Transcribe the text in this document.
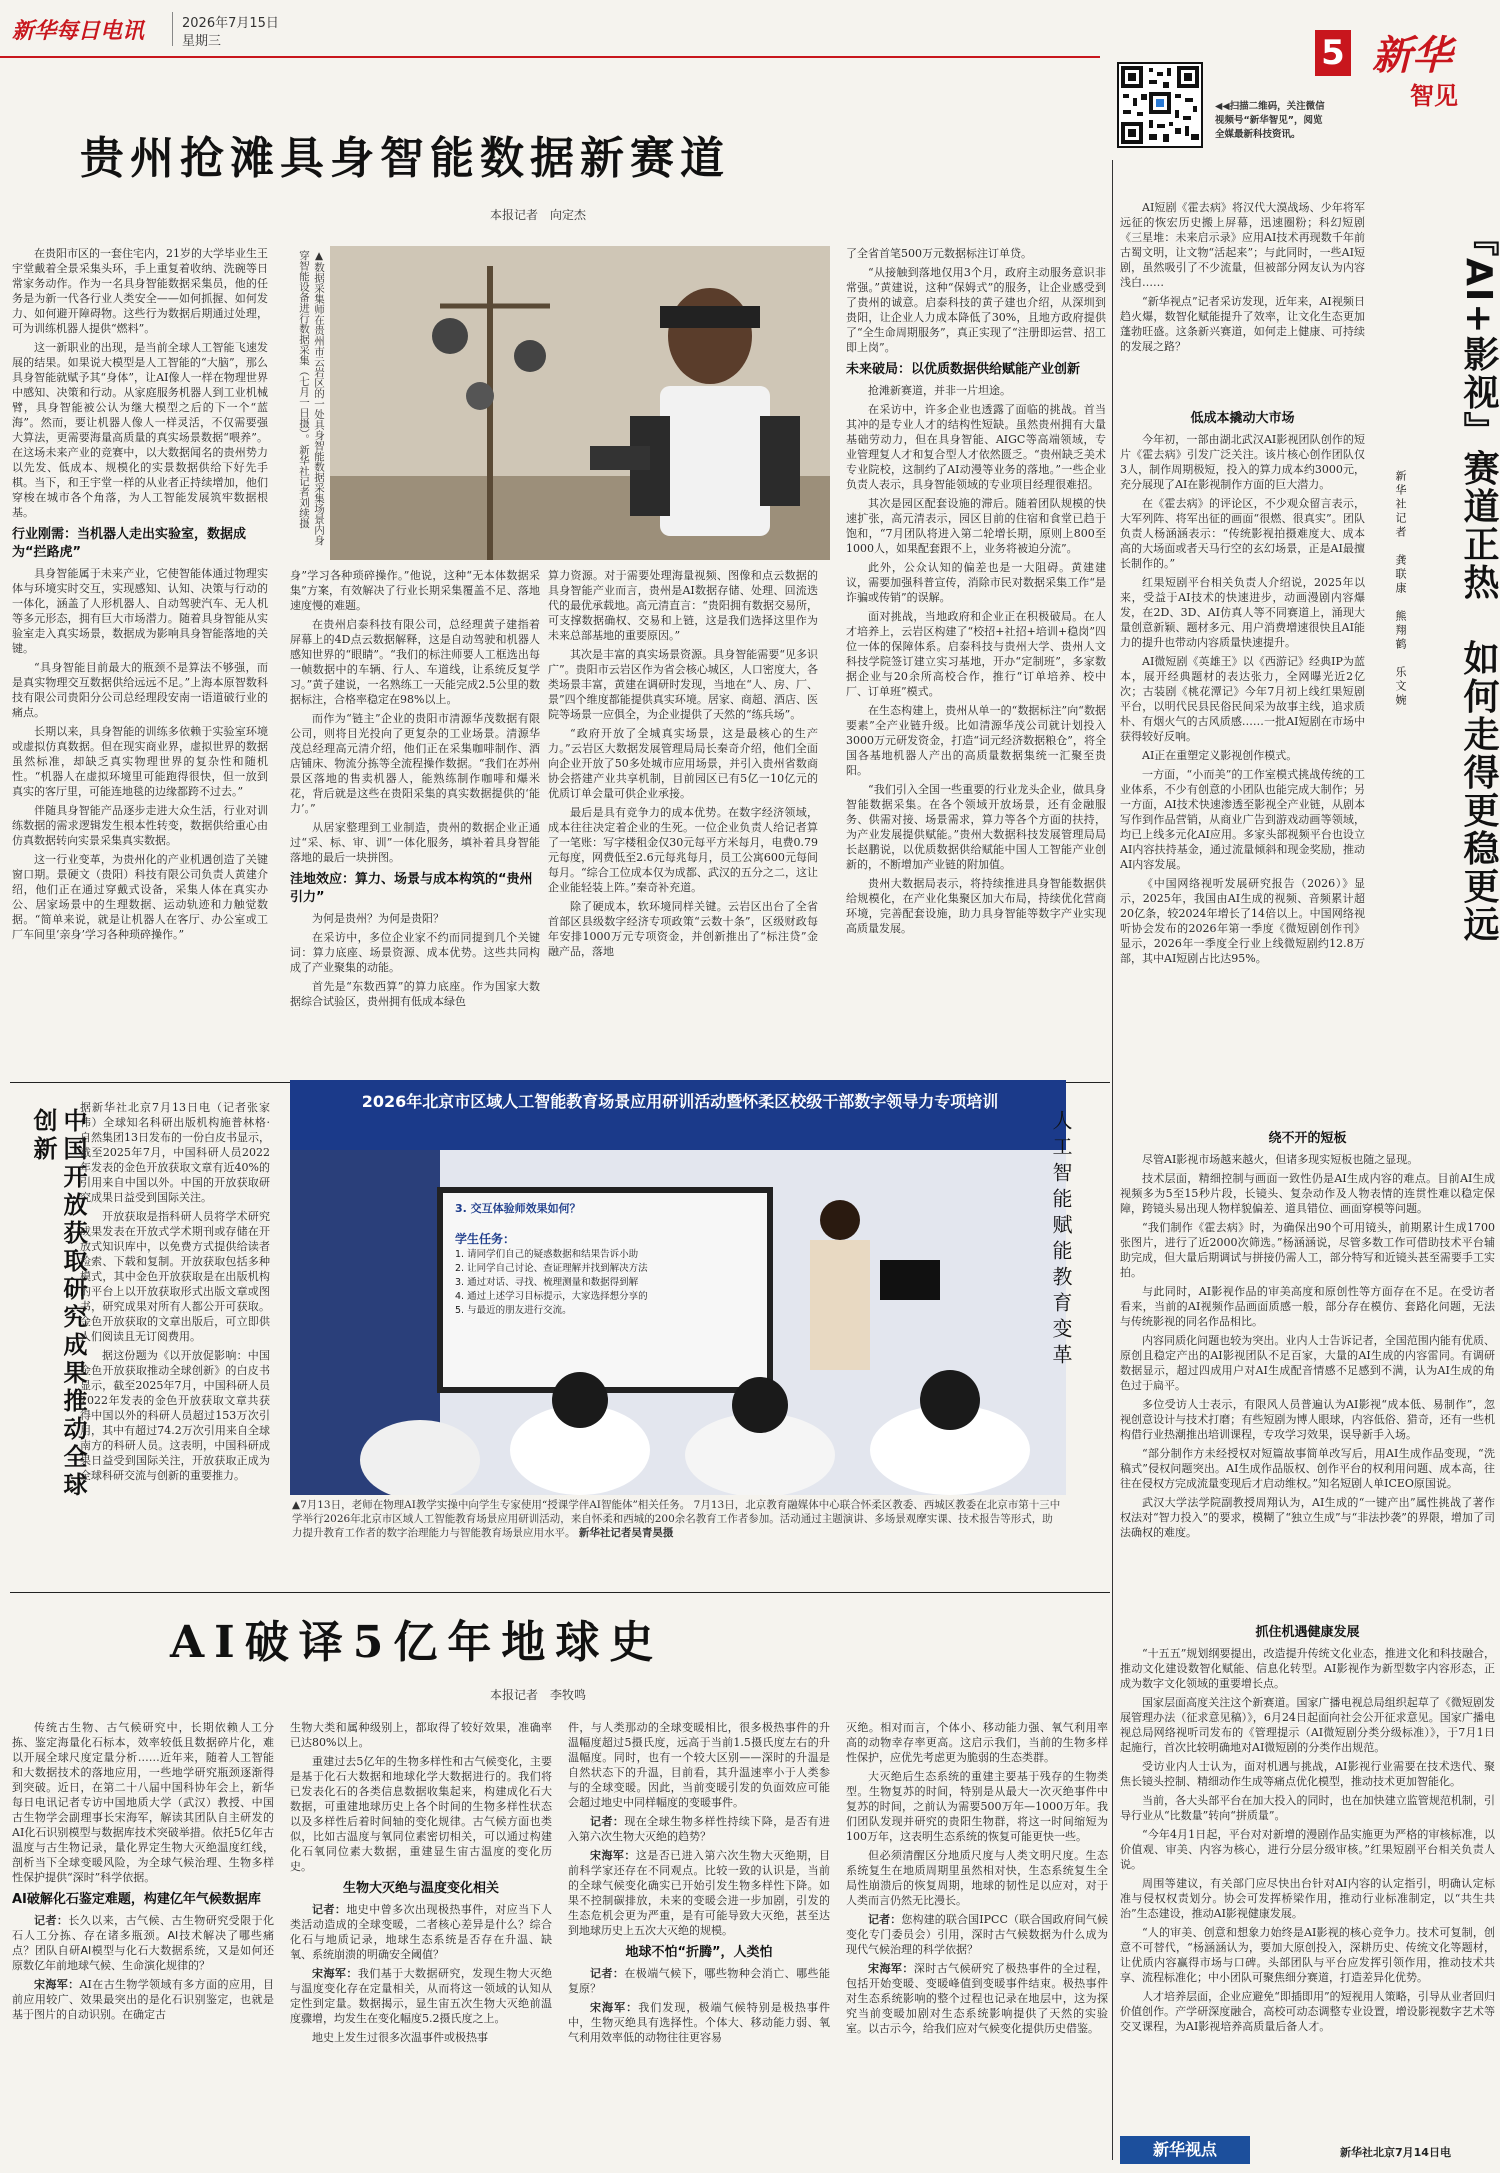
新华每日电讯	2026年7月15日
星期三
◀◀扫描二维码，关注微信视频号“新华智见”，阅览全媒最新科技资讯。
5 新华
智见
贵州抢滩具身智能数据新赛道
本报记者　向定杰

在贵阳市区的一套住宅内，21岁的大学毕业生王宇堂戴着全景采集头环，手上重复着收纳、洗碗等日常家务动作。作为一名具身智能数据采集员，他的任务是为新一代各行业人类安全——如何抓握、如何发力、如何避开障碍物。这些行为数据后期通过处理，可为训练机器人提供“燃料”。

这一新职业的出现，是当前全球人工智能飞速发展的结果。如果说大模型是人工智能的“大脑”，那么具身智能就赋予其“身体”，让AI像人一样在物理世界中感知、决策和行动。从家庭服务机器人到工业机械臂，具身智能被公认为继大模型之后的下一个“蓝海”。然而，要让机器人像人一样灵活，不仅需要强大算法，更需要海量高质量的真实场景数据“喂养”。在这场未来产业的竞赛中，以大数据闻名的贵州势力以先发、低成本、规模化的实景数据供给下好先手棋。当下，和王宇堂一样的从业者正持续增加，他们穿梭在城市各个角落，为人工智能发展筑牢数据根基。

行业刚需：当机器人走出实验室，数据成为“拦路虎”

具身智能属于未来产业，它使智能体通过物理实体与环境实时交互，实现感知、认知、决策与行动的一体化，涵盖了人形机器人、自动驾驶汽车、无人机等多元形态，拥有巨大市场潜力。随着具身智能从实验室走入真实场景，数据成为影响具身智能落地的关键。

“具身智能目前最大的瓶颈不是算法不够强，而是真实物理交互数据供给远远不足。”上海本原智数科技有限公司贵阳分公司总经理段安南一语道破行业的痛点。

长期以来，具身智能的训练多依赖于实验室环境或虚拟仿真数据。但在现实商业界，虚拟世界的数据虽然标准，却缺乏真实物理世界的复杂性和随机性。“机器人在虚拟环境里可能跑得很快，但一放到真实的客厅里，可能连地毯的边缘都跨不过去。”

伴随具身智能产品逐步走进大众生活，行业对训练数据的需求逻辑发生根本性转变，数据供给重心由仿真数据转向实景采集真实数据。

这一行业变革，为贵州化的产业机遇创造了关键窗口期。景硬文（贵阳）科技有限公司负责人黄建介绍，他们正在通过穿戴式设备，采集人体在真实办公、居家场景中的生理数据、运动轨迹和力触觉数据。“简单来说，就是让机器人在客厅、办公室或工厂车间里‘亲身’学习各种琐碎操作。”

▲数据采集师在贵州市云岩区的一处具身智能数据采集场景内身穿智能设备进行数据采集（七月一日摄）。新华社记者刘续摄

身”学习各种琐碎操作。”他说，这种“无本体数据采集”方案，有效解决了行业长期采集覆盖不足、落地速度慢的难题。

在贵州启泰科技有限公司，总经理黄子建指着屏幕上的4D点云数据解释，这是自动驾驶和机器人感知世界的“眼睛”。“我们的标注师要人工框选出每一帧数据中的车辆、行人、车道线，让系统反复学习。”黄子建说，一名熟练工一天能完成2.5公里的数据标注，合格率稳定在98%以上。

而作为“链主”企业的贵阳市清源华茂数据有限公司，则将目光投向了更复杂的工业场景。清源华茂总经理高元清介绍，他们正在采集咖啡制作、酒店铺床、物流分拣等全流程操作数据。“我们在苏州景区落地的售卖机器人，能熟练制作咖啡和爆米花，背后就是这些在贵阳采集的真实数据提供的‘能力’。”

从居家整理到工业制造，贵州的数据企业正通过“采、标、审、训”一体化服务，填补着具身智能落地的最后一块拼图。

洼地效应：算力、场景与成本构筑的“贵州引力”

为何是贵州？为何是贵阳？

在采访中，多位企业家不约而同提到几个关键词：算力底座、场景资源、成本优势。这些共同构成了产业聚集的动能。

首先是“东数西算”的算力底座。作为国家大数据综合试验区，贵州拥有低成本绿色

算力资源。对于需要处理海量视频、图像和点云数据的具身智能产业而言，贵州是AI数据存储、处理、回流迭代的最优承载地。高元清直言：“贵阳拥有数据交易所，可支撑数据确权、交易和上链，这是我们选择这里作为未来总部基地的重要原因。”

其次是丰富的真实场景资源。具身智能需要“见多识广”。贵阳市云岩区作为省会核心城区，人口密度大，各类场景丰富，黄建在调研时发现，当地在“人、房、厂、景”四个维度都能提供真实环境。居家、商超、酒店、医院等场景一应俱全，为企业提供了天然的“练兵场”。

“政府开放了全城真实场景，这是最核心的生产力。”云岩区大数据发展管理局局长秦奇介绍，他们全面向企业开放了50多处城市应用场景，并引入贵州省数商协会搭建产业共享机制，目前园区已有5亿一10亿元的优质订单会量可供企业承接。

最后是具有竞争力的成本优势。在数字经济领域，成本往往决定着企业的生死。一位企业负责人给记者算了一笔账：写字楼租金仅30元每平方米每月，电费0.79元每度，网费低至2.6元每兆每月，员工公寓600元每间每月。“综合工位成本仅为成都、武汉的五分之二，这让企业能轻装上阵。”秦奇补充道。

除了硬成本，软环境同样关键。云岩区出台了全省首部区县级数字经济专项政策“云数十条”，区级财政每年安排1000万元专项资金，并创新推出了“标注贷”金融产品，落地

了全省首笔500万元数据标注订单贷。

“从接触到落地仅用3个月，政府主动服务意识非常强。”黄建说，这种“保姆式”的服务，让企业感受到了贵州的诚意。启泰科技的黄子建也介绍，从深圳到贵阳，让企业人力成本降低了30%，且地方政府提供了“全生命周期服务”，真正实现了“注册即运营、招工即上岗”。

未来破局：以优质数据供给赋能产业创新

抢滩新赛道，并非一片坦途。

在采访中，许多企业也透露了面临的挑战。首当其冲的是专业人才的结构性短缺。虽然贵州拥有大量基础劳动力，但在具身智能、AIGC等高端领域，专业管理复人才和复合型人才依然匮乏。“贵州缺乏美术专业院校，这制约了AI动漫等业务的落地。”一些企业负责人表示，具身智能领域的专业项目经理很难招。

其次是园区配套设施的滞后。随着团队规模的快速扩张，高元清表示，园区目前的住宿和食堂已趋于饱和，“7月团队将进入第二轮增长期，原则上800至1000人，如果配套跟不上，业务将被迫分流”。

此外，公众认知的偏差也是一大阻碍。黄建建议，需要加强科普宣传，消除市民对数据采集工作“是诈骗或传销”的误解。

面对挑战，当地政府和企业正在积极破局。在人才培养上，云岩区构建了“校招+社招+培训+稳岗”四位一体的保障体系。启泰科技与贵州大学、贵州人文科技学院签订建立实习基地，开办“定制班”，多家数据企业与20余所高校合作，推行“订单培养、校中厂、订单班”模式。

在生态构建上，贵州从单一的“数据标注”向“数据要素”全产业链升级。比如清源华茂公司就计划投入3000万元研发资金，打造“词元经济数据粮仓”，将全国各基地机器人产出的高质量数据集统一汇聚至贵阳。

“我们引入全国一些重要的行业龙头企业，做具身智能数据采集。在各个领域开放场景，还有金融服务、供需对接、场景需求，算力等各个方面的扶持，为产业发展提供赋能。”贵州大数据科技发展管理局局长赵鹏说，以优质数据供给赋能中国人工智能产业创新的，不断增加产业链的附加值。

贵州大数据局表示，将持续推进具身智能数据供给规模化，在产业化集聚区加大布局，持续优化营商环境，完善配套设施，助力具身智能等数字产业实现高质量发展。

中国开放获取研究成果推动全球创新

据新华社北京7月13日电（记者张家伟）全球知名科研出版机构施普林格·自然集团13日发布的一份白皮书显示，截至2025年7月，中国科研人员2022年发表的金色开放获取文章有近40%的引用来自中国以外。中国的开放获取研究成果日益受到国际关注。

开放获取是指科研人员将学术研究成果发表在开放式学术期刊或存储在开放式知识库中，以免费方式提供给读者检索、下载和复制。开放获取包括多种模式，其中金色开放获取是在出版机构的平台上以开放获取形式出版文章或图书，研究成果对所有人都公开可获取。金色开放获取的文章出版后，可立即供人们阅读且无订阅费用。

据这份题为《以开放促影响：中国金色开放获取推动全球创新》的白皮书显示，截至2025年7月，中国科研人员2022年发表的金色开放获取文章共获得中国以外的科研人员超过153万次引用，其中有超过74.2万次引用来自全球南方的科研人员。这表明，中国科研成果日益受到国际关注，开放获取正成为全球科研交流与创新的重要推力。

2026年北京市区域人工智能教育场景应用研训活动暨怀柔区校级干部数字领导力专项培训
3. 交互体验师效果如何？
学生任务：
1. 请同学们自己的疑惑数据和结果告诉小助
2. 让同学自己讨论、查证理解并找到解决方法
3. 通过对话、寻找、梳理测量和数据得到解
4. 通过上述学习目标提示，大家选择想分享的
5. 与最近的朋友进行交流。	人工智能赋能教育变革
▲7月13日，老师在物理AI教学实操中向学生专家使用“授课学伴AI智能体”相关任务。 7月13日，北京教育融媒体中心联合怀柔区教委、西城区教委在北京市第十三中学举行2026年北京市区域人工智能教育场景应用研训活动，来自怀柔和西城的200余名教育工作者参加。活动通过主题演讲、多场景观摩实课、技术报告等形式，助力提升教育工作者的数字治理能力与智能教育场景应用水平。 新华社记者吴青昊摄
AI破译5亿年地球史
本报记者　李牧鸣

传统古生物、古气候研究中，长期依赖人工分拣、鉴定海量化石标本，效率较低且数据碎片化，难以开展全球尺度定量分析……近年来，随着人工智能和大数据技术的落地应用，一些地学研究瓶颈逐渐得到突破。近日，在第二十八届中国科协年会上，新华每日电讯记者专访中国地质大学（武汉）教授、中国古生物学会副理事长宋海军，解读其团队自主研发的AI化石识别模型与数据库技术突破举措。依托5亿年古温度与古生物记录，量化界定生物大灭绝温度红线，剖析当下全球变暖风险，为全球气候治理、生物多样性保护提供“深时”科学依据。

AI破解化石鉴定难题，构建亿年气候数据库

记者：长久以来，古气候、古生物研究受限于化石人工分拣、存在诸多瓶颈。AI技术解决了哪些痛点？团队自研AI模型与化石大数据系统，又是如何还原数亿年前地球气候、生命演化规律的？

宋海军：AI在古生物学领域有多方面的应用，目前应用较广、效果最突出的是化石识别鉴定，也就是基于图片的自动识别。在确定古

生物大类和属种级别上，都取得了较好效果，准确率已达80%以上。

重建过去5亿年的生物多样性和古气候变化，主要是基于化石大数据和地球化学大数据进行的。我们将已发表化石的各类信息数据收集起来，构建成化石大数据，可重建地球历史上各个时间的生物多样性状态以及多样性后着时间轴的变化规律。古气候方面也类似，比如古温度与氧同位素密切相关，可以通过构建化石氧同位素大数据，重建显生宙古温度的变化历史。

生物大灭绝与温度变化相关

记者：地史中曾多次出现极热事件，对应当下人类活动造成的全球变暖，二者核心差异是什么？综合化石与地质记录，地球生态系统是否存在升温、缺氧、系统崩溃的明确安全阈值？

宋海军：我们基于大数据研究，发现生物大灭绝与温度变化存在定量相关，从而将这一领域的认知从定性到定量。数据揭示，显生宙五次生物大灭绝前温度骤增，均发生在变化幅度5.2摄氏度之上。

地史上发生过很多次温事件或极热事

件，与人类那动的全球变暖相比，很多极热事件的升温幅度超过5摄氏度，远高于当前1.5摄氏度左右的升温幅度。同时，也有一个较大区别——深时的升温是自然状态下的升温，目前看，其升温速率小于人类参与的全球变暖。因此，当前变暖引发的负面效应可能会超过地史中同样幅度的变暖事件。

记者：现在全球生物多样性持续下降，是否有进入第六次生物大灭绝的趋势？

宋海军：这是否已进入第六次生物大灭绝期，目前科学家还存在不同观点。比较一致的认识是，当前的全球气候变化确实已开始引发生物多样性下降。如果不控制碳排放，未来的变暖会进一步加剧，引发的生态危机会更为严重，是有可能导致大灭绝，甚至达到地球历史上五次大灭绝的规模。

地球不怕“折腾”，人类怕

记者：在极端气候下，哪些物种会消亡、哪些能复原？

宋海军：我们发现，极端气候特别是极热事件中，生物灭绝具有选择性。个体大、移动能力弱、氧气利用效率低的动物往往更容易

灭绝。相对而言，个体小、移动能力强、氧气利用率高的动物幸存率更高。这启示我们，当前的生物多样性保护，应优先考虑更为脆弱的生态类群。

大灭绝后生态系统的重建主要基于残存的生物类型。生物复苏的时间，特别是从最大一次灭绝事件中复苏的时间，之前认为需要500万年—1000万年。我们团队发现并研究的贵阳生物群，将这一时间缩短为100万年，这表明生态系统的恢复可能更快一些。

但必须清醒区分地质尺度与人类文明尺度。生态系统复生在地质周期里虽然相对快，生态系统复生全局性崩溃后的恢复周期，地球的韧性足以应对，对于人类而言仍然无比漫长。

记者：您构建的联合国IPCC（联合国政府间气候变化专门委员会）引用，深时古气候数据为什么成为现代气候治理的科学依据？

宋海军：深时古气候研究了极热事件的全过程，包括开始变暖、变暖峰值到变暖事件结束。极热事件对生态系统影响的整个过程也记录在地层中，这为探究当前变暖加剧对生态系统影响提供了天然的实验室。以古示今，给我们应对气候变化提供历史借鉴。

AI短剧《霍去病》将汉代大漠战场、少年将军远征的恢宏历史搬上屏幕，迅速圈粉；科幻短剧《三星堆：未来启示录》应用AI技术再现数千年前古蜀文明，让文物“活起来”；与此同时，一些AI短剧，虽然吸引了不少流量，但被部分网友认为内容浅白……

“新华视点”记者采访发现，近年来，AI视频日趋火爆，数智化赋能提升了效率，让文化生态更加蓬勃旺盛。这条新兴赛道，如何走上健康、可持续的发展之路？	『AI+影视』赛道正热　如何走得更稳更远
新华社记者　龚联康　熊翔鹤　乐文婉
低成本撬动大市场

今年初，一部由湖北武汉AI影视团队创作的短片《霍去病》引发广泛关注。该片核心创作团队仅3人，制作周期极短，投入的算力成本约3000元，充分展现了AI在影视制作方面的巨大潜力。

在《霍去病》的评论区，不少观众留言表示，大军列阵、将军出征的画面“很燃、很真实”。团队负责人杨涵涵表示：“传统影视拍摄难度大、成本高的大场面或者天马行空的玄幻场景，正是AI最擅长制作的。”

红果短剧平台相关负责人介绍说，2025年以来，受益于AI技术的快速进步，动画漫剧内容爆发，在2D、3D、AI仿真人等不同赛道上，涌现大量创意新颖、题材多元、用户消费增速很快且AI能力的提升也带动内容质量快速提升。

AI微短剧《英雄王》以《西游记》经典IP为蓝本，展开经典题材的表达张力，全网曝光近2亿次；古装剧《桃花潭记》今年7月初上线红果短剧平台，以明代民县民俗民间采为故事主线，追求质朴、有烟火气的古风质感……一批AI短剧在市场中获得较好反响。

AI正在重塑定义影视创作模式。

一方面，“小而美”的工作室模式挑战传统的工业体系，不少有创意的小团队也能完成大制作；另一方面，AI技术快速渗透至影视全产业链，从剧本写作到作品营销，从商业广告到游戏动画等领域，均已上线多元化AI应用。多家头部视频平台也设立AI内容扶持基金，通过流量倾斜和现金奖励，推动AI内容发展。

《中国网络视听发展研究报告（2026）》显示，2025年，我国由AI生成的视频、音频累计超20亿条，较2024年增长了14倍以上。中国网络视听协会发布的2026年第一季度《微短剧创作刊》显示，2026年一季度全行业上线微短剧约12.8万部，其中AI短剧占比达95%。

绕不开的短板

尽管AI影视市场越来越火，但诸多现实短板也随之显现。

技术层面，精细控制与画面一致性仍是AI生成内容的难点。目前AI生成视频多为5至15秒片段，长镜头、复杂动作及人物表情的连贯性难以稳定保障，跨镜头易出现人物样貌偏差、道具错位、画面穿模等问题。

“我们制作《霍去病》时，为确保出90个可用镜头，前期累计生成1700张图片，进行了近2000次筛选。”杨涵涵说，尽管多数工作可借助技术平台辅助完成，但大量后期调试与拼接仍需人工，部分特写和近镜头甚至需要手工实拍。

与此同时，AI影视作品的审美高度和原创性等方面存在不足。在受访者看来，当前的AI视频作品画面质感一般，部分存在模仿、套路化问题，无法与传统影视的同名作品相比。

内容同质化问题也较为突出。业内人士告诉记者，全国范围内能有优质、原创且稳定产出的AI影视团队不足百家，大量的AI生成的内容雷同。有调研数据显示，超过四成用户对AI生成配音情感不足感到不满，认为AI生成的角色过于扁平。

多位受访人士表示，有限风人员普遍认为AI影视“成本低、易制作”，忽视创意设计与技术打磨；有些短剧为博人眼球，内容低俗、猎奇，还有一些机构借行业热潮推出培训课程，专攻学习效果，误导新手入场。

“部分制作方未经授权对短篇故事简单改写后，用AI生成作品变现，“洗稿式”侵权问题突出。AI生成作品版权、创作平台的权利用问题、成本高，往往在侵权方完成流量变现后才启动维权。”知名短剧人单ICEO原国说。

武汉大学法学院副教授周翔认为，AI生成的“一键产出”属性挑战了著作权法对“智力投入”的要求，模糊了“独立生成”与“非法抄袭”的界限，增加了司法确权的难度。

抓住机遇健康发展

“十五五”规划纲要提出，改造提升传统文化业态，推进文化和科技融合，推动文化建设数智化赋能、信息化转型。AI影视作为新型数字内容形态，正成为数字文化领域的重要增长点。

国家层面高度关注这个新赛道。国家广播电视总局组织起草了《微短剧发展管理办法（征求意见稿）》，6月24日起面向社会公开征求意见。国家广播电视总局网络视听司发布的《管理提示（AI微短剧分类分级标准）》，于7月1日起施行，首次比较明确地对AI微短剧的分类作出规范。

受访业内人士认为，面对机遇与挑战，AI影视行业需要在技术迭代、聚焦长镜头控制、精细动作生成等痛点优化模型，推动技术更加智能化。

当前，各大头部平台在加大投入的同时，也在加快建立监管规范机制，引导行业从“比数量”转向“拼质量”。

“今年4月1日起，平台对对新增的漫剧作品实施更为严格的审核标准，以价值观、审美、内容为核心，进行分层分级审核。”红果短剧平台相关负责人说。

周围等建议，有关部门应尽快出台针对AI内容的认定指引，明确认定标准与侵权权责划分。协会可发挥桥梁作用，推动行业标准制定，以“共生共治”生态建设，推动AI影视健康发展。

“人的审美、创意和想象力始终是AI影视的核心竞争力。技术可复制，创意不可替代，“杨涵涵认为，要加大原创投入，深耕历史、传统文化等题材，让优质内容赢得市场与口碑。头部团队与平台应发挥引领作用，推动技术共享、流程标准化；中小团队可聚焦细分赛道，打造差异化优势。

人才培养层面，企业应避免“即插即用”的短视用人策略，引导从业者回归价值创作。产学研深度融合，高校可动态调整专业设置，增设影视数字艺术等交叉课程，为AI影视培养高质量后备人才。

新华视点	新华社北京7月14日电
